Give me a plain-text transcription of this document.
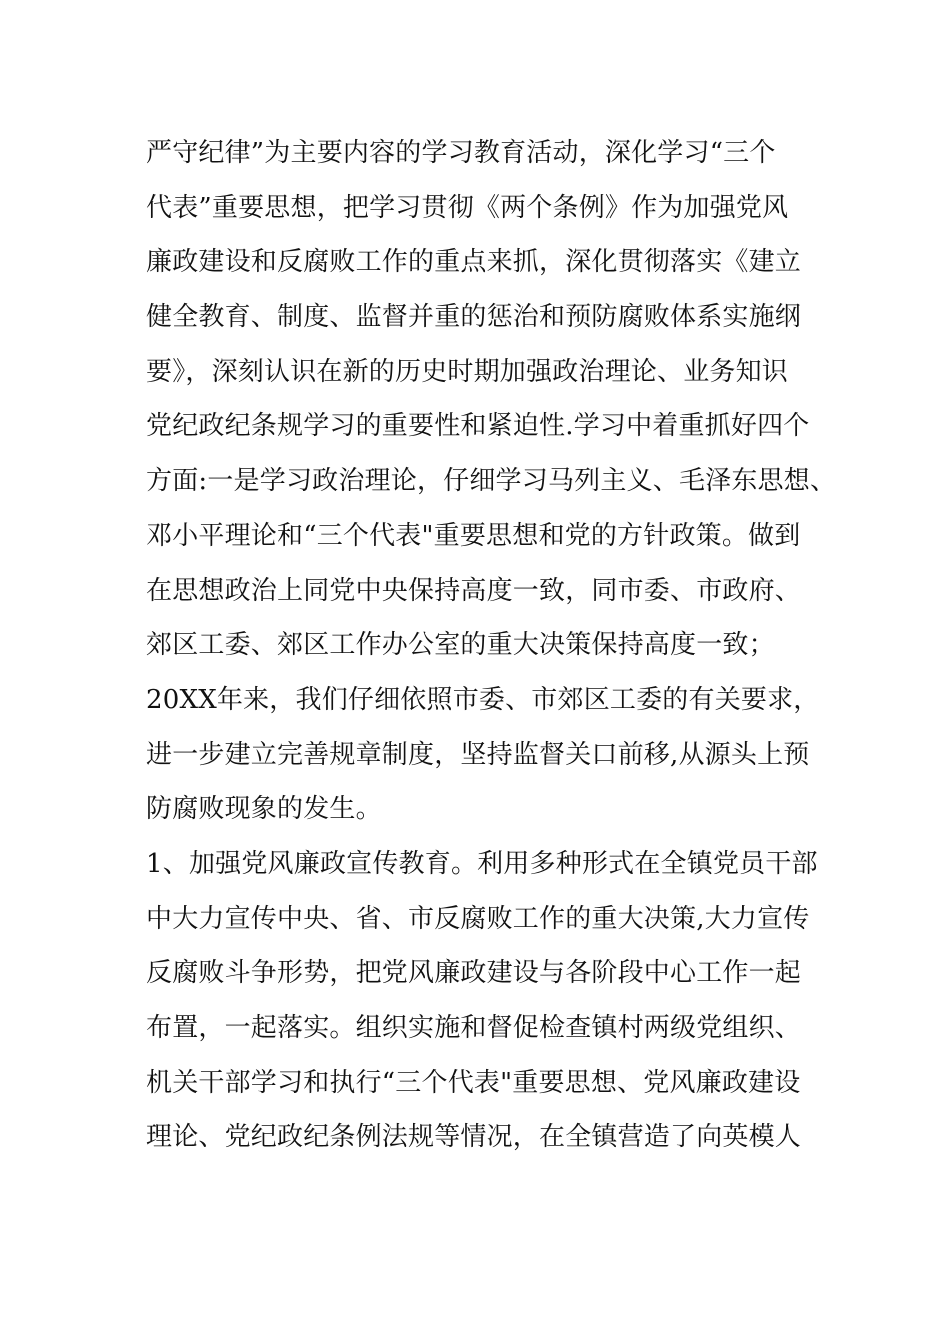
严守纪律”为主要内容的学习教育活动，深化学习“三个
代表”重要思想，把学习贯彻《两个条例》作为加强党风
廉政建设和反腐败工作的重点来抓，深化贯彻落实《建立
健全教育、制度、监督并重的惩治和预防腐败体系实施纲
要》，深刻认识在新的历史时期加强政治理论、业务知识
党纪政纪条规学习的重要性和紧迫性.学习中着重抓好四个
方面:一是学习政治理论，仔细学习马列主义、毛泽东思想、
邓小平理论和“三个代表"重要思想和党的方针政策。做到
在思想政治上同党中央保持高度一致，同市委、市政府、
郊区工委、郊区工作办公室的重大决策保持高度一致；
20XX年来，我们仔细依照市委、市郊区工委的有关要求，
进一步建立完善规章制度，坚持监督关口前移,从源头上预
防腐败现象的发生。
1、加强党风廉政宣传教育。利用多种形式在全镇党员干部
中大力宣传中央、省、市反腐败工作的重大决策,大力宣传
反腐败斗争形势，把党风廉政建设与各阶段中心工作一起
布置，一起落实。组织实施和督促检查镇村两级党组织、
机关干部学习和执行“三个代表"重要思想、党风廉政建设
理论、党纪政纪条例法规等情况，在全镇营造了向英模人
